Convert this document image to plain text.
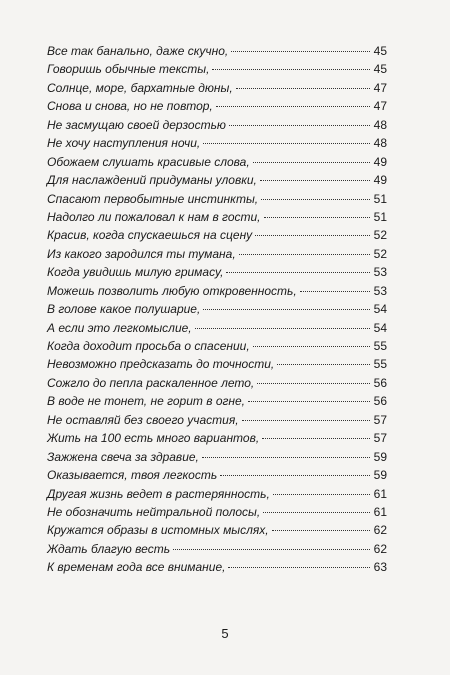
Все так банально, даже скучно,	45
Говоришь обычные тексты,	45
Солнце, море, бархатные дюны,	47
Снова и снова, но не повтор,	47
Не засмущаю своей дерзостью	48
Не хочу наступления ночи,	48
Обожаем слушать красивые слова,	49
Для наслаждений придуманы уловки,	49
Спасают первобытные инстинкты,	51
Надолго ли пожаловал к нам в гости,	51
Красив, когда спускаешься на сцену	52
Из какого зародился ты тумана,	52
Когда увидишь милую гримасу,	53
Можешь позволить любую откровенность,	53
В голове какое полушарие,	54
А если это легкомыслие,	54
Когда доходит просьба о спасении,	55
Невозможно предсказать до точности,	55
Сожгло до пепла раскаленное лето,	56
В воде не тонет, не горит в огне,	56
Не оставляй без своего участия,	57
Жить на 100 есть много вариантов,	57
Зажжена свеча за здравие,	59
Оказывается, твоя легкость	59
Другая жизнь ведет в растерянность,	61
Не обозначить нейтральной полосы,	61
Кружатся образы в истомных мыслях,	62
Ждать благую весть	62
К временам года все внимание,	63
5
